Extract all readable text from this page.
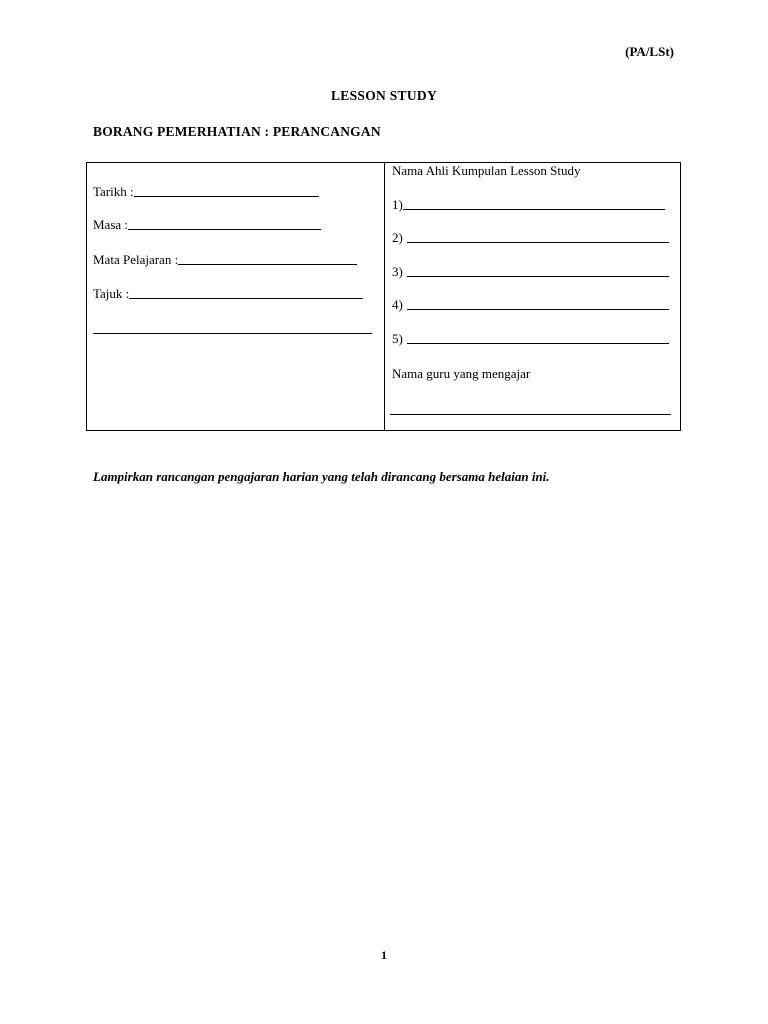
(PA/LSt)
LESSON STUDY
BORANG PEMERHATIAN : PERANCANGAN
Tarikh :
Masa :
Mata Pelajaran :
Tajuk :
Nama Ahli Kumpulan Lesson Study
1)
2)
3)
4)
5)
Nama guru yang mengajar
Lampirkan rancangan pengajaran harian yang telah dirancang bersama helaian ini.
1
